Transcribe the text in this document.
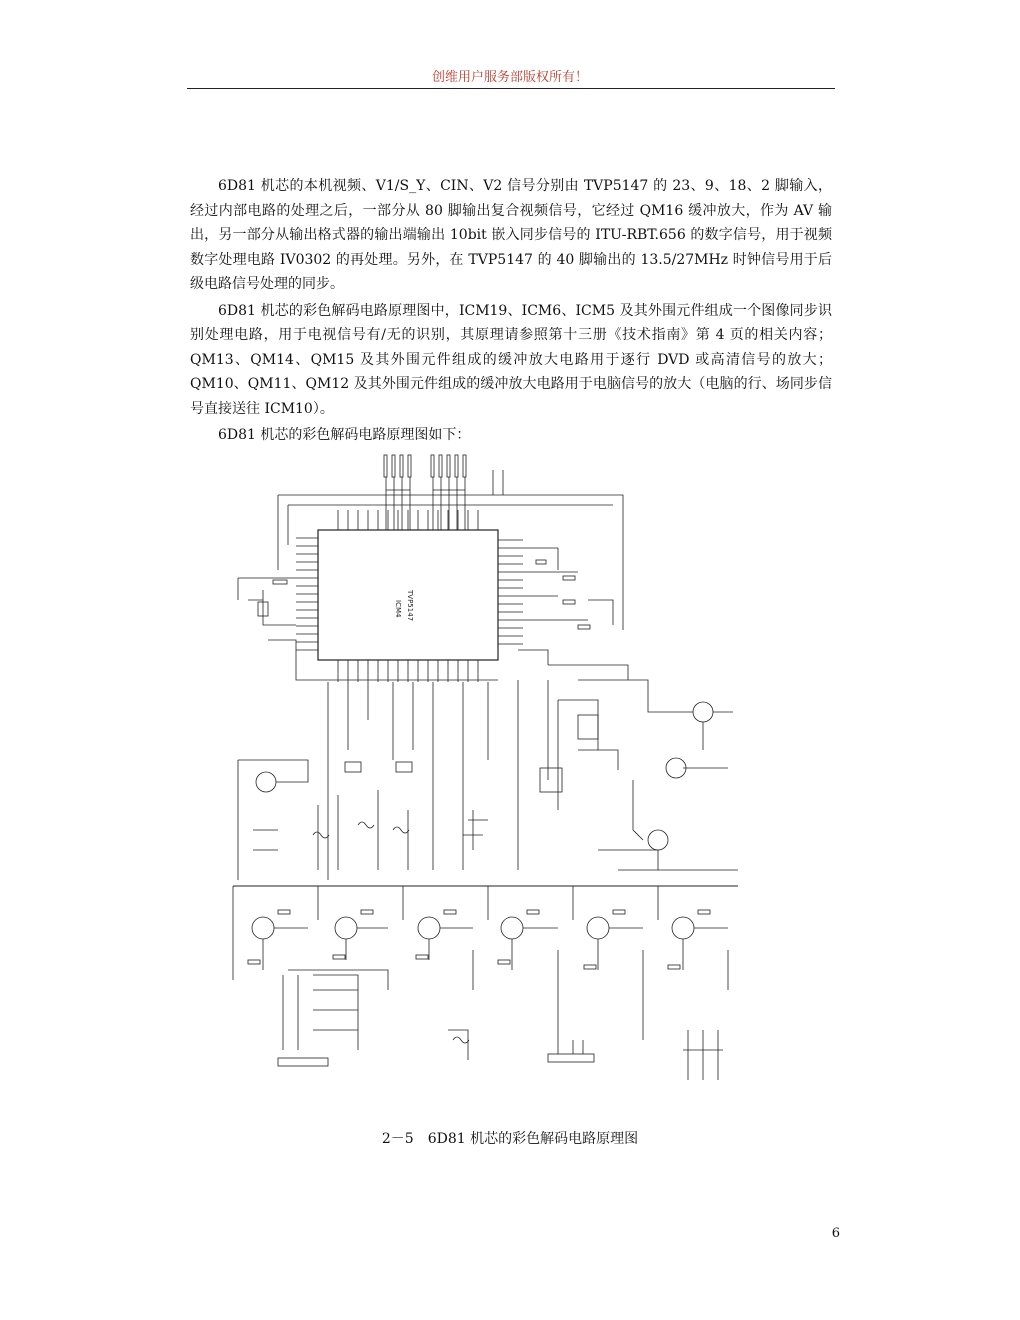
创维用户服务部版权所有！

6D81 机芯的本机视频、V1/S_Y、CIN、V2 信号分别由 TVP5147 的 23、9、18、2 脚输入，经过内部电路的处理之后，一部分从 80 脚输出复合视频信号，它经过 QM16 缓冲放大，作为 AV 输出，另一部分从输出格式器的输出端输出 10bit 嵌入同步信号的 ITU-RBT.656 的数字信号，用于视频数字处理电路 IV0302 的再处理。另外，在 TVP5147 的 40 脚输出的 13.5/27MHz 时钟信号用于后级电路信号处理的同步。

6D81 机芯的彩色解码电路原理图中，ICM19、ICM6、ICM5 及其外围元件组成一个图像同步识别处理电路，用于电视信号有/无的识别，其原理请参照第十三册《技术指南》第 4 页的相关内容；QM13、QM14、QM15 及其外围元件组成的缓冲放大电路用于逐行 DVD 或高清信号的放大；QM10、QM11、QM12 及其外围元件组成的缓冲放大电路用于电脑信号的放大（电脑的行、场同步信号直接送往 ICM10）。

6D81 机芯的彩色解码电路原理图如下：

ICM4 TVP5147
2－5　6D81 机芯的彩色解码电路原理图
6
